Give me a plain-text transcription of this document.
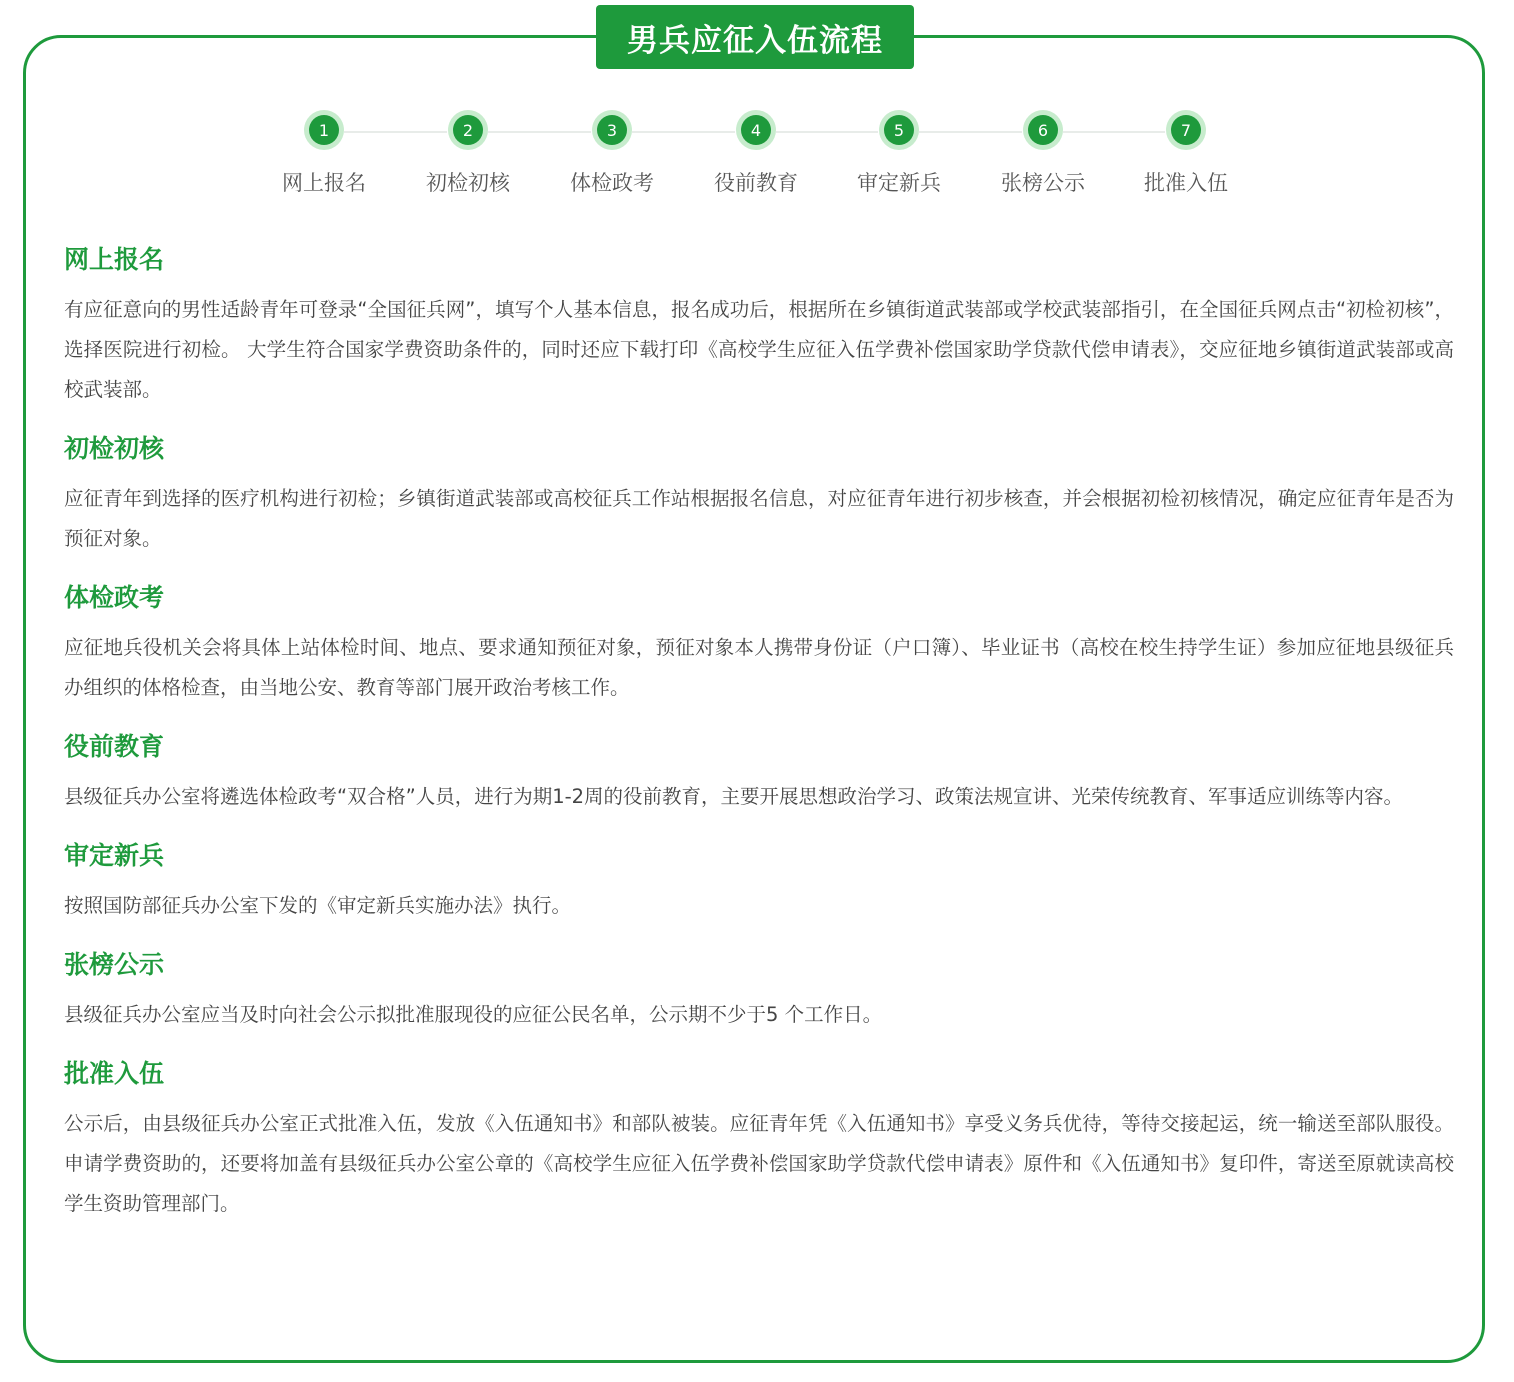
男兵应征入伍流程
1
网上报名
2
初检初核
3
体检政考
4
役前教育
5
审定新兵
6
张榜公示
7
批准入伍
网上报名

有应征意向的男性适龄青年可登录“全国征兵网”，填写个人基本信息，报名成功后，根据所在乡镇街道武装部或学校武装部指引，在全国征兵网点击“初检初核”，选择医院进行初检。 大学生符合国家学费资助条件的，同时还应下载打印《高校学生应征入伍学费补偿国家助学贷款代偿申请表》，交应征地乡镇街道武装部或高校武装部。

初检初核

应征青年到选择的医疗机构进行初检；乡镇街道武装部或高校征兵工作站根据报名信息，对应征青年进行初步核查，并会根据初检初核情况，确定应征青年是否为预征对象。

体检政考

应征地兵役机关会将具体上站体检时间、地点、要求通知预征对象，预征对象本人携带身份证（户口簿）、毕业证书（高校在校生持学生证）参加应征地县级征兵办组织的体格检查，由当地公安、教育等部门展开政治考核工作。

役前教育

县级征兵办公室将遴选体检政考“双合格”人员，进行为期1-2周的役前教育，主要开展思想政治学习、政策法规宣讲、光荣传统教育、军事适应训练等内容。

审定新兵

按照国防部征兵办公室下发的《审定新兵实施办法》执行。

张榜公示

县级征兵办公室应当及时向社会公示拟批准服现役的应征公民名单，公示期不少于5 个工作日。

批准入伍

公示后，由县级征兵办公室正式批准入伍，发放《入伍通知书》和部队被装。应征青年凭《入伍通知书》享受义务兵优待，等待交接起运，统一输送至部队服役。申请学费资助的，还要将加盖有县级征兵办公室公章的《高校学生应征入伍学费补偿国家助学贷款代偿申请表》原件和《入伍通知书》复印件，寄送至原就读高校学生资助管理部门。
